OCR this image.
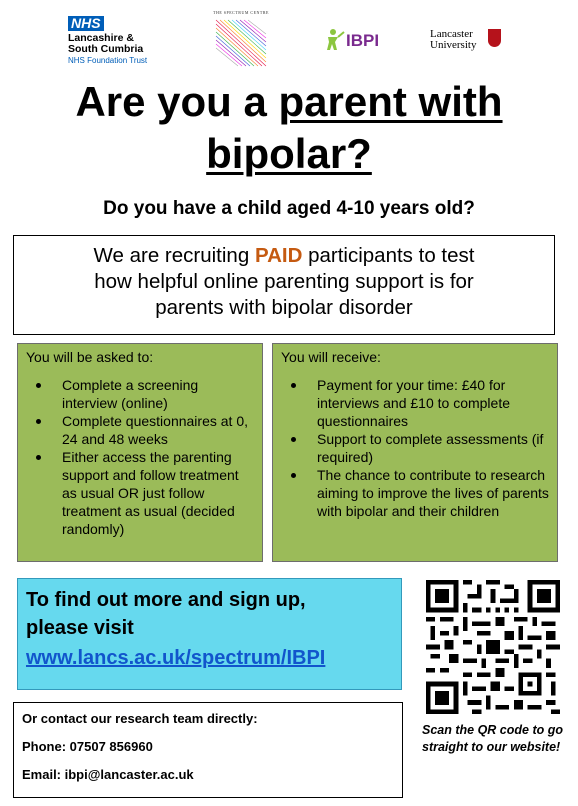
NHS
Lancashire &
South Cumbria
NHS Foundation Trust
THE SPECTRUM CENTRE
IBPI	Lancaster
University
Are you a parent with
bipolar?
Do you have a child aged 4-10 years old?
We are recruiting PAID participants to test
how helpful online parenting support is for
parents with bipolar disorder
You will be asked to:
Complete a screening interview (online)
Complete questionnaires at 0, 24 and 48 weeks
Either access the parenting support and follow treatment as usual OR just follow treatment as usual (decided randomly)
You will receive:
Payment for your time: £40 for interviews and £10 to complete questionnaires
Support to complete assessments (if required)
The chance to contribute to research aiming to improve the lives of parents with bipolar and their children
To find out more and sign up,
please visit
www.lancs.ac.uk/spectrum/IBPI
Or contact our research team directly:
Phone: 07507 856960
Email: ibpi@lancaster.ac.uk
Scan the QR code to go straight to our website!
